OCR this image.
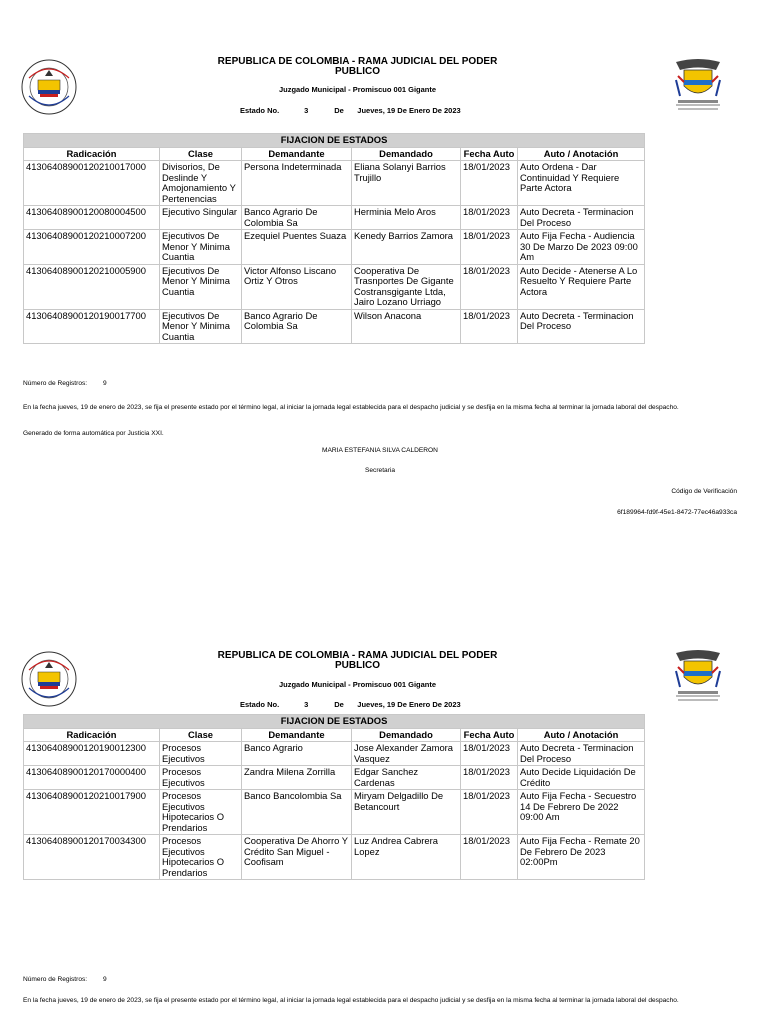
REPUBLICA DE COLOMBIA - RAMA JUDICIAL DEL PODER PUBLICO
Juzgado Municipal - Promiscuo 001 Gigante
Estado No.	3	De Jueves, 19 De Enero De 2023
FIJACION DE ESTADOS					
Radicación	Clase	Demandante	Demandado	Fecha Auto	Auto / Anotación
41306408900120210017000	Divisorios, De Deslinde Y Amojonamiento Y Pertenencias	Persona Indeterminada	Eliana Solanyi Barrios Trujillo	18/01/2023	Auto Ordena - Dar Continuidad Y Requiere Parte Actora
41306408900120080004500	Ejecutivo Singular	Banco Agrario De Colombia Sa	Herminia Melo Aros	18/01/2023	Auto Decreta - Terminacion Del Proceso
41306408900120210007200	Ejecutivos De Menor Y Minima Cuantia	Ezequiel Puentes Suaza	Kenedy Barrios Zamora	18/01/2023	Auto Fija Fecha - Audiencia 30 De Marzo De 2023 09:00 Am
41306408900120210005900	Ejecutivos De Menor Y Minima Cuantia	Victor Alfonso Liscano Ortiz Y Otros	Cooperativa De Trasnportes De Gigante Costransgigante Ltda, Jairo Lozano Urriago	18/01/2023	Auto Decide - Atenerse A Lo Resuelto Y Requiere Parte Actora
41306408900120190017700	Ejecutivos De Menor Y Minima Cuantia	Banco Agrario De Colombia Sa	Wilson Anacona	18/01/2023	Auto Decreta - Terminacion Del Proceso
Número de Registros: 9
En la fecha jueves, 19 de enero de 2023, se fija el presente estado por el término legal, al iniciar la jornada legal establecida para el despacho judicial y se desfija en la misma fecha al terminar la jornada laboral del despacho.
Generado de forma automática por Justicia XXI.
MARIA ESTEFANIA SILVA CALDERON
Secretaria
Código de Verificación
6f189964-fd9f-45e1-8472-77ec46a933ca
REPUBLICA DE COLOMBIA - RAMA JUDICIAL DEL PODER PUBLICO
Juzgado Municipal - Promiscuo 001 Gigante
Estado No.	3	De Jueves, 19 De Enero De 2023
FIJACION DE ESTADOS					
Radicación	Clase	Demandante	Demandado	Fecha Auto	Auto / Anotación
41306408900120190012300	Procesos Ejecutivos	Banco Agrario	Jose Alexander Zamora Vasquez	18/01/2023	Auto Decreta - Terminacion Del Proceso
41306408900120170000400	Procesos Ejecutivos	Zandra Milena Zorrilla	Edgar Sanchez Cardenas	18/01/2023	Auto Decide Liquidación De Crédito
41306408900120210017900	Procesos Ejecutivos Hipotecarios O Prendarios	Banco Bancolombia Sa	Miryam Delgadillo De Betancourt	18/01/2023	Auto Fija Fecha - Secuestro 14 De Febrero De 2022 09:00 Am
41306408900120170034300	Procesos Ejecutivos Hipotecarios O Prendarios	Cooperativa De Ahorro Y Crédito San Miguel - Coofisam	Luz Andrea Cabrera Lopez	18/01/2023	Auto Fija Fecha - Remate 20 De Febrero De 2023 02:00Pm
Número de Registros: 9
En la fecha jueves, 19 de enero de 2023, se fija el presente estado por el término legal, al iniciar la jornada legal establecida para el despacho judicial y se desfija en la misma fecha al terminar la jornada laboral del despacho.
